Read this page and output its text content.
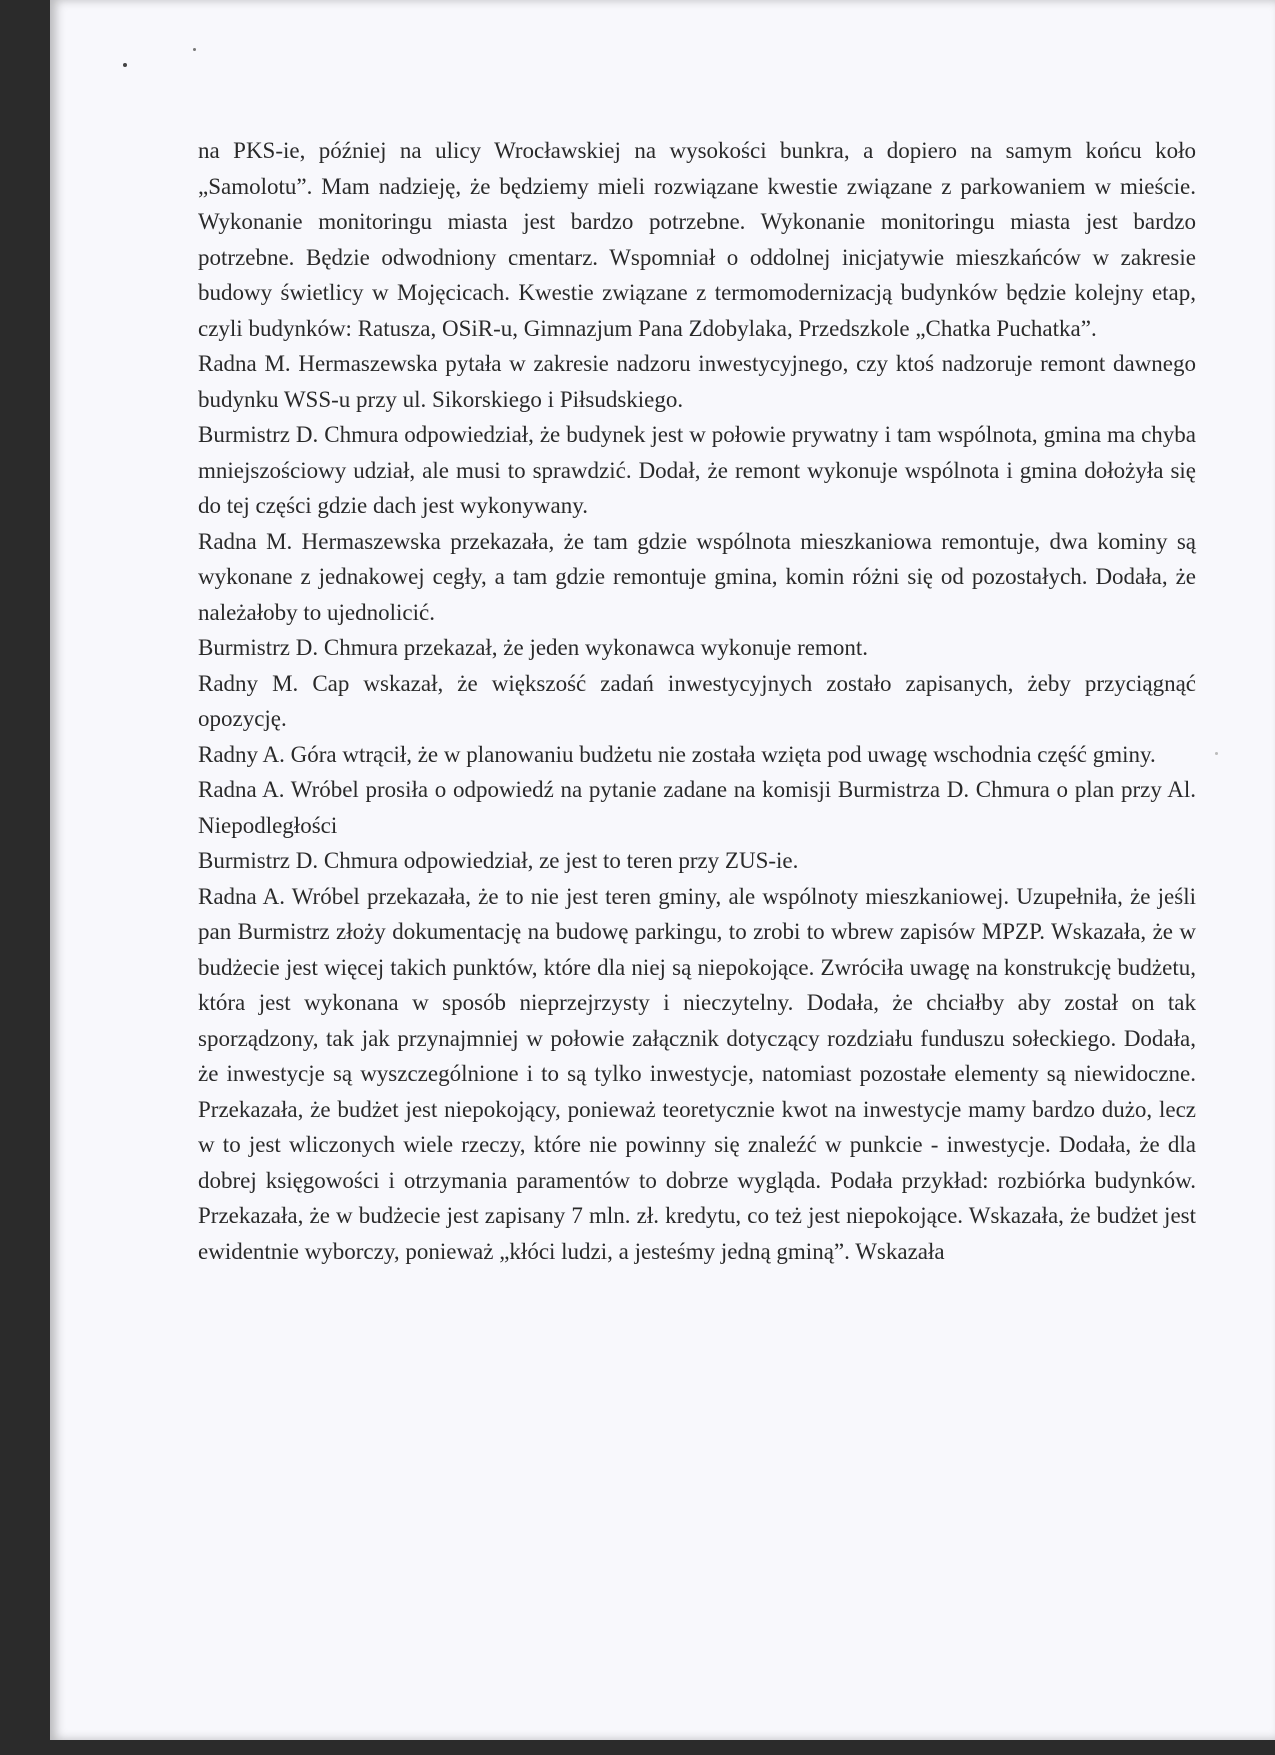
na PKS-ie, później na ulicy Wrocławskiej na wysokości bunkra, a dopiero na samym końcu koło „Samolotu”. Mam nadzieję, że będziemy mieli rozwiązane kwestie związane z parkowaniem w mieście. Wykonanie monitoringu miasta jest bardzo potrzebne. Wykonanie monitoringu miasta jest bardzo potrzebne. Będzie odwodniony cmentarz. Wspomniał o oddolnej inicjatywie mieszkańców w zakresie budowy świetlicy w Mojęcicach. Kwestie związane z termomodernizacją budynków będzie kolejny etap, czyli budynków: Ratusza, OSiR-u, Gimnazjum Pana Zdobylaka, Przedszkole „Chatka Puchatka”.

Radna M. Hermaszewska pytała w zakresie nadzoru inwestycyjnego, czy ktoś nadzoruje remont dawnego budynku WSS-u przy ul. Sikorskiego i Piłsudskiego.

Burmistrz D. Chmura odpowiedział, że budynek jest w połowie prywatny i tam wspólnota, gmina ma chyba mniejszościowy udział, ale musi to sprawdzić. Dodał, że remont wykonuje wspólnota i gmina dołożyła się do tej części gdzie dach jest wykonywany.

Radna M. Hermaszewska przekazała, że tam gdzie wspólnota mieszkaniowa remontuje, dwa kominy są wykonane z jednakowej cegły, a tam gdzie remontuje gmina, komin różni się od pozostałych. Dodała, że należałoby to ujednolicić.

Burmistrz D. Chmura przekazał, że jeden wykonawca wykonuje remont.

Radny M. Cap wskazał, że większość zadań inwestycyjnych zostało zapisanych, żeby przyciągnąć opozycję.

Radny A. Góra wtrącił, że w planowaniu budżetu nie została wzięta pod uwagę wschodnia część gminy.

Radna A. Wróbel prosiła o odpowiedź na pytanie zadane na komisji Burmistrza D. Chmura o plan przy Al. Niepodległości

Burmistrz D. Chmura odpowiedział, ze jest to teren przy ZUS-ie.

Radna A. Wróbel przekazała, że to nie jest teren gminy, ale wspólnoty mieszkaniowej. Uzupełniła, że jeśli pan Burmistrz złoży dokumentację na budowę parkingu, to zrobi to wbrew zapisów MPZP. Wskazała, że w budżecie jest więcej takich punktów, które dla niej są niepokojące. Zwróciła uwagę na konstrukcję budżetu, która jest wykonana w sposób nieprzejrzysty i nieczytelny. Dodała, że chciałby aby został on tak sporządzony, tak jak przynajmniej w połowie załącznik dotyczący rozdziału funduszu sołeckiego. Dodała, że inwestycje są wyszczególnione i to są tylko inwestycje, natomiast pozostałe elementy są niewidoczne. Przekazała, że budżet jest niepokojący, ponieważ teoretycznie kwot na inwestycje mamy bardzo dużo, lecz w to jest wliczonych wiele rzeczy, które nie powinny się znaleźć w punkcie - inwestycje. Dodała, że dla dobrej księgowości i otrzymania paramentów to dobrze wygląda. Podała przykład: rozbiórka budynków. Przekazała, że w budżecie jest zapisany 7 mln. zł. kredytu, co też jest niepokojące. Wskazała, że budżet jest ewidentnie wyborczy, ponieważ „kłóci ludzi, a jesteśmy jedną gminą”. Wskazała
